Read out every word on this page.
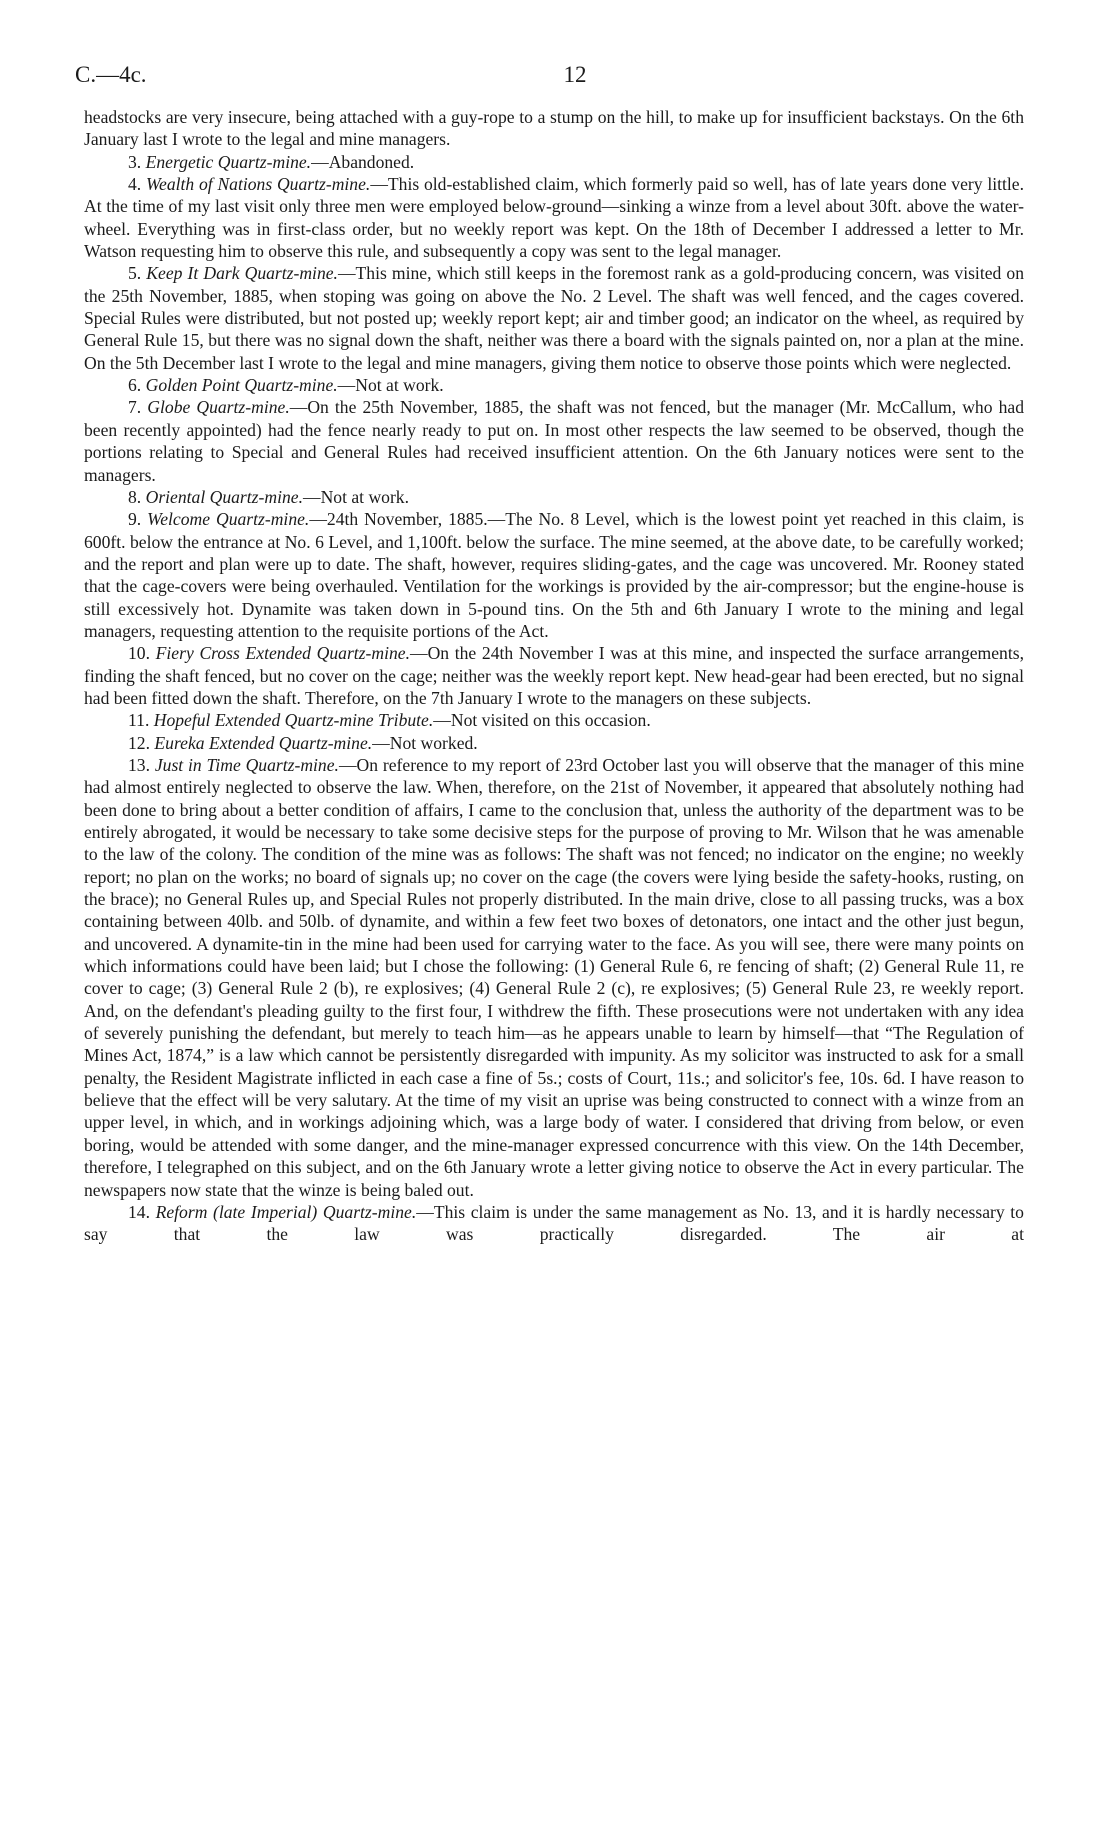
C.—4c.	12

headstocks are very insecure, being attached with a guy-rope to a stump on the hill, to make up for insufficient backstays. On the 6th January last I wrote to the legal and mine managers.

3. Energetic Quartz-mine.—Abandoned.

4. Wealth of Nations Quartz-mine.—This old-established claim, which formerly paid so well, has of late years done very little. At the time of my last visit only three men were employed below-ground—sinking a winze from a level about 30ft. above the water-wheel. Everything was in first-class order, but no weekly report was kept. On the 18th of December I addressed a letter to Mr. Watson requesting him to observe this rule, and subsequently a copy was sent to the legal manager.

5. Keep It Dark Quartz-mine.—This mine, which still keeps in the foremost rank as a gold-producing concern, was visited on the 25th November, 1885, when stoping was going on above the No. 2 Level. The shaft was well fenced, and the cages covered. Special Rules were distributed, but not posted up; weekly report kept; air and timber good; an indicator on the wheel, as required by General Rule 15, but there was no signal down the shaft, neither was there a board with the signals painted on, nor a plan at the mine. On the 5th December last I wrote to the legal and mine managers, giving them notice to observe those points which were neglected.

6. Golden Point Quartz-mine.—Not at work.

7. Globe Quartz-mine.—On the 25th November, 1885, the shaft was not fenced, but the manager (Mr. McCallum, who had been recently appointed) had the fence nearly ready to put on. In most other respects the law seemed to be observed, though the portions relating to Special and General Rules had received insufficient attention. On the 6th January notices were sent to the managers.

8. Oriental Quartz-mine.—Not at work.

9. Welcome Quartz-mine.—24th November, 1885.—The No. 8 Level, which is the lowest point yet reached in this claim, is 600ft. below the entrance at No. 6 Level, and 1,100ft. below the surface. The mine seemed, at the above date, to be carefully worked; and the report and plan were up to date. The shaft, however, requires sliding-gates, and the cage was uncovered. Mr. Rooney stated that the cage-covers were being overhauled. Ventilation for the workings is provided by the air-compressor; but the engine-house is still excessively hot. Dynamite was taken down in 5-pound tins. On the 5th and 6th January I wrote to the mining and legal managers, requesting attention to the requisite portions of the Act.

10. Fiery Cross Extended Quartz-mine.—On the 24th November I was at this mine, and inspected the surface arrangements, finding the shaft fenced, but no cover on the cage; neither was the weekly report kept. New head-gear had been erected, but no signal had been fitted down the shaft. Therefore, on the 7th January I wrote to the managers on these subjects.

11. Hopeful Extended Quartz-mine Tribute.—Not visited on this occasion.

12. Eureka Extended Quartz-mine.—Not worked.

13. Just in Time Quartz-mine.—On reference to my report of 23rd October last you will observe that the manager of this mine had almost entirely neglected to observe the law. When, therefore, on the 21st of November, it appeared that absolutely nothing had been done to bring about a better condition of affairs, I came to the conclusion that, unless the authority of the department was to be entirely abrogated, it would be necessary to take some decisive steps for the purpose of proving to Mr. Wilson that he was amenable to the law of the colony. The condition of the mine was as follows: The shaft was not fenced; no indicator on the engine; no weekly report; no plan on the works; no board of signals up; no cover on the cage (the covers were lying beside the safety-hooks, rusting, on the brace); no General Rules up, and Special Rules not properly distributed. In the main drive, close to all passing trucks, was a box containing between 40lb. and 50lb. of dynamite, and within a few feet two boxes of detonators, one intact and the other just begun, and uncovered. A dynamite-tin in the mine had been used for carrying water to the face. As you will see, there were many points on which informations could have been laid; but I chose the following: (1) General Rule 6, re fencing of shaft; (2) General Rule 11, re cover to cage; (3) General Rule 2 (b), re explosives; (4) General Rule 2 (c), re explosives; (5) General Rule 23, re weekly report. And, on the defendant's pleading guilty to the first four, I withdrew the fifth. These prosecutions were not undertaken with any idea of severely punishing the defendant, but merely to teach him—as he appears unable to learn by himself—that “The Regulation of Mines Act, 1874,” is a law which cannot be persistently disregarded with impunity. As my solicitor was instructed to ask for a small penalty, the Resident Magistrate inflicted in each case a fine of 5s.; costs of Court, 11s.; and solicitor's fee, 10s. 6d. I have reason to believe that the effect will be very salutary. At the time of my visit an uprise was being constructed to connect with a winze from an upper level, in which, and in workings adjoining which, was a large body of water. I considered that driving from below, or even boring, would be attended with some danger, and the mine-manager expressed concurrence with this view. On the 14th December, therefore, I telegraphed on this subject, and on the 6th January wrote a letter giving notice to observe the Act in every particular. The newspapers now state that the winze is being baled out.

14. Reform (late Imperial) Quartz-mine.—This claim is under the same management as No. 13, and it is hardly necessary to say that the law was practically disregarded. The air at
